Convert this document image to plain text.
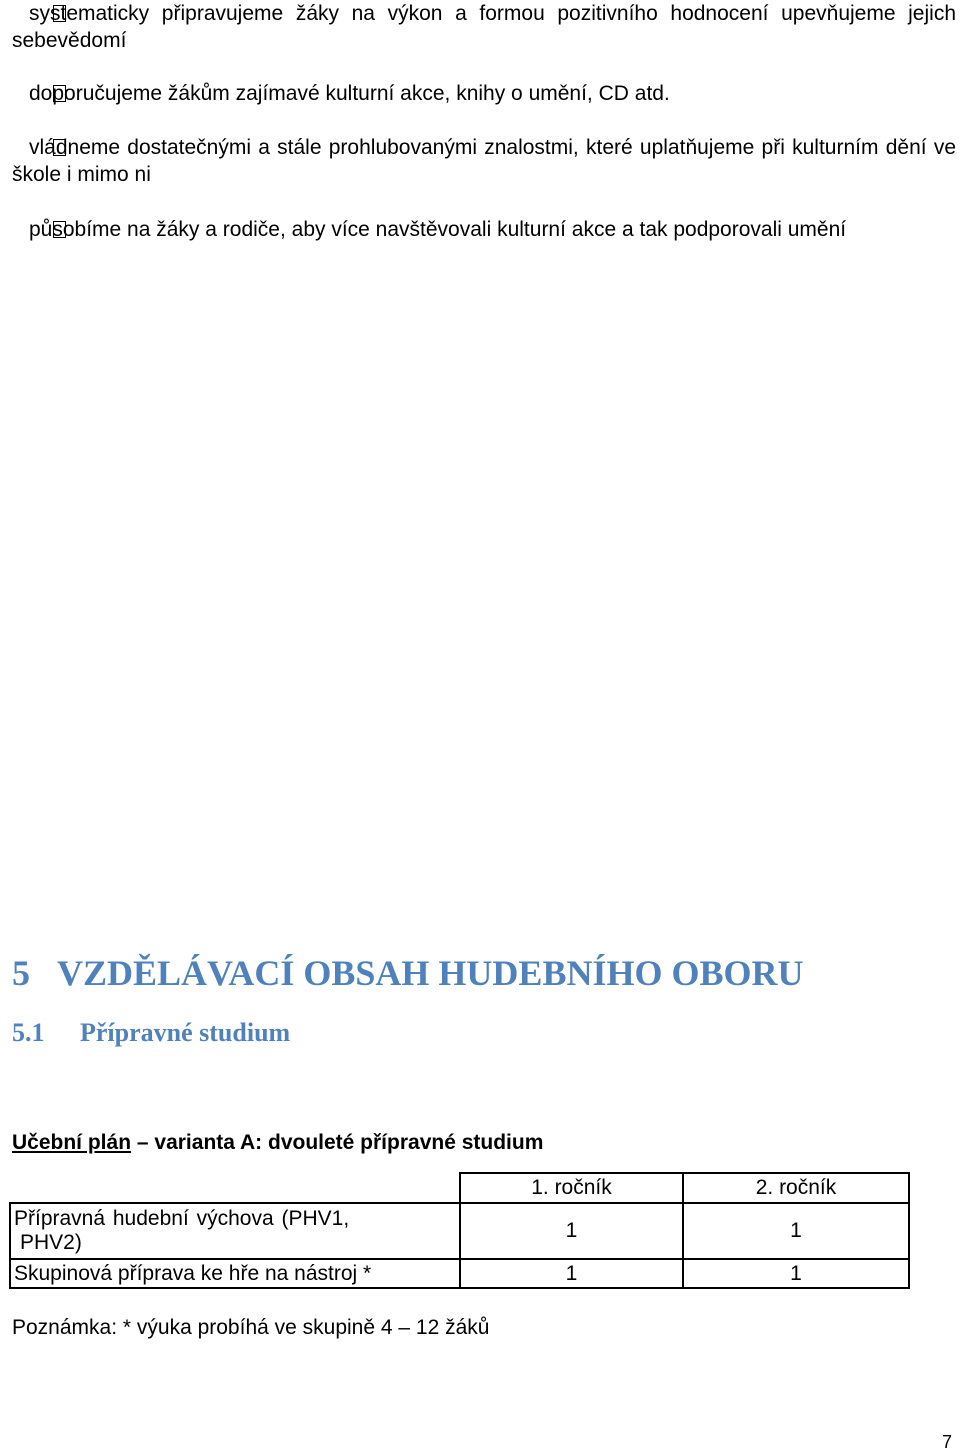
systematicky připravujeme žáky na výkon a formou pozitivního hodnocení upevňujeme jejich sebevědomí
doporučujeme žákům zajímavé kulturní akce, knihy o umění, CD atd.
vládneme dostatečnými a stále prohlubovanými znalostmi, které uplatňujeme při kulturním dění ve škole i mimo ni
působíme na žáky a rodiče, aby více navštěvovali kulturní akce a tak podporovali umění
5 VZDĚLÁVACÍ OBSAH HUDEBNÍHO OBORU
5.1 Přípravné studium
Učební plán – varianta A: dvouleté přípravné studium
	1. ročník	2. ročník

Přípravná hudební výchova (PHV1,
PHV2)	1	1
Skupinová příprava ke hře na nástroj *	1	1
Poznámka: * výuka probíhá ve skupině 4 – 12 žáků
7
